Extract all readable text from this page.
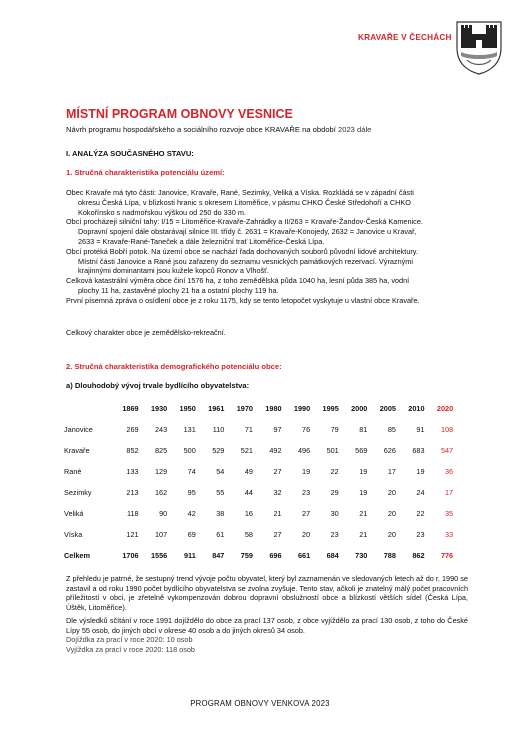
KRAVAŘE V ČECHÁCH
MÍSTNÍ PROGRAM OBNOVY VESNICE
Návrh programu hospodářského a sociálního rozvoje obce KRAVAŘE na období 2023 dále
I. ANALÝZA SOUČASNÉHO STAVU:
1. Stručná charakteristika potenciálu území:

Obec Kravaře má tyto části: Janovice, Kravaře, Rané, Sezimky, Veliká a Víska. Rozkládá se v západní části

okresu Česká Lípa, v blízkosti hranic s okresem Litoměřice, v pásmu CHKO České Středohoří a CHKO

Kokořínsko s nadmořskou výškou od 250 do 330 m.

Obcí procházejí silniční tahy: I/15 = Litoměřice-Kravaře-Zahrádky a II/263 = Kravaře-Žandov-Česká Kamenice.

Dopravní spojení dále obstarávají silnice III. třídy č. 2631 = Kravaře-Konojedy, 2632 = Janovice u Kravař,

2633 = Kravaře-Rané-Taneček a dále železniční trať Litoměřice-Česká Lípa.

Obcí protéká Bobří potok. Na území obce se nachází řada dochovaných souborů původní lidové architektury.

Místní části Janovice a Rané jsou zařazeny do seznamu vesnických památkových rezervací. Výraznými

krajinnými dominantami jsou kužele kopců Ronov a Vlhošť.

Celková katastrální výměra obce činí 1576 ha, z toho zemědělská půda 1040 ha, lesní půda 385 ha, vodní

plochy 11 ha, zastavěné plochy 21 ha a ostatní plochy 119 ha.

První písemná zpráva o osídlení obce je z roku 1175, kdy se tento letopočet vyskytuje u vlastní obce Kravaře.

Celkový charakter obce je zemědělsko-rekreační.
2. Stručná charakteristika demografického potenciálu obce:
a) Dlouhodobý vývoj trvale bydlícího obyvatelstva:
	1869	1930	1950	1961	1970	1980	1990	1995	2000	2005	2010	2020
Janovice	269	243	131	110	71	97	76	79	81	85	91	108
Kravaře	852	825	500	529	521	492	496	501	569	626	683	547
Rané	133	129	74	54	49	27	19	22	19	17	19	36
Sezimky	213	162	95	55	44	32	23	29	19	20	24	17
Veliká	118	90	42	38	16	21	27	30	21	20	22	35
Víska	121	107	69	61	58	27	20	23	21	20	23	33
Celkem	1706	1556	911	847	759	696	661	684	730	788	862	776
Z přehledu je patrné, že sestupný trend vývoje počtu obyvatel, který byl zaznamenán ve sledovaných letech až do r. 1990 se zastavil a od roku 1990 počet bydlícího obyvatelstva se zvolna zvyšuje. Tento stav, ačkoli je znatelný málý počet pracovních příležitostí v obci, je zřetelně vykompenzován dobrou dopravní obslužností obce a blízkostí větších sídel (Česká Lípa, Úštěk, Litoměřice).
Dle výsledků sčítání v roce 1991 dojíždělo do obce za prací 137 osob, z obce vyjíždělo za prací 130 osob, z toho do České Lípy 55 osob, do jiných obcí v okrese 40 osob a do jiných okresů 34 osob.
Dojíždka za prací v roce 2020: 10 osob
Vyjíždka za prací v roce 2020: 118 osob
PROGRAM OBNOVY VENKOVA 2023
